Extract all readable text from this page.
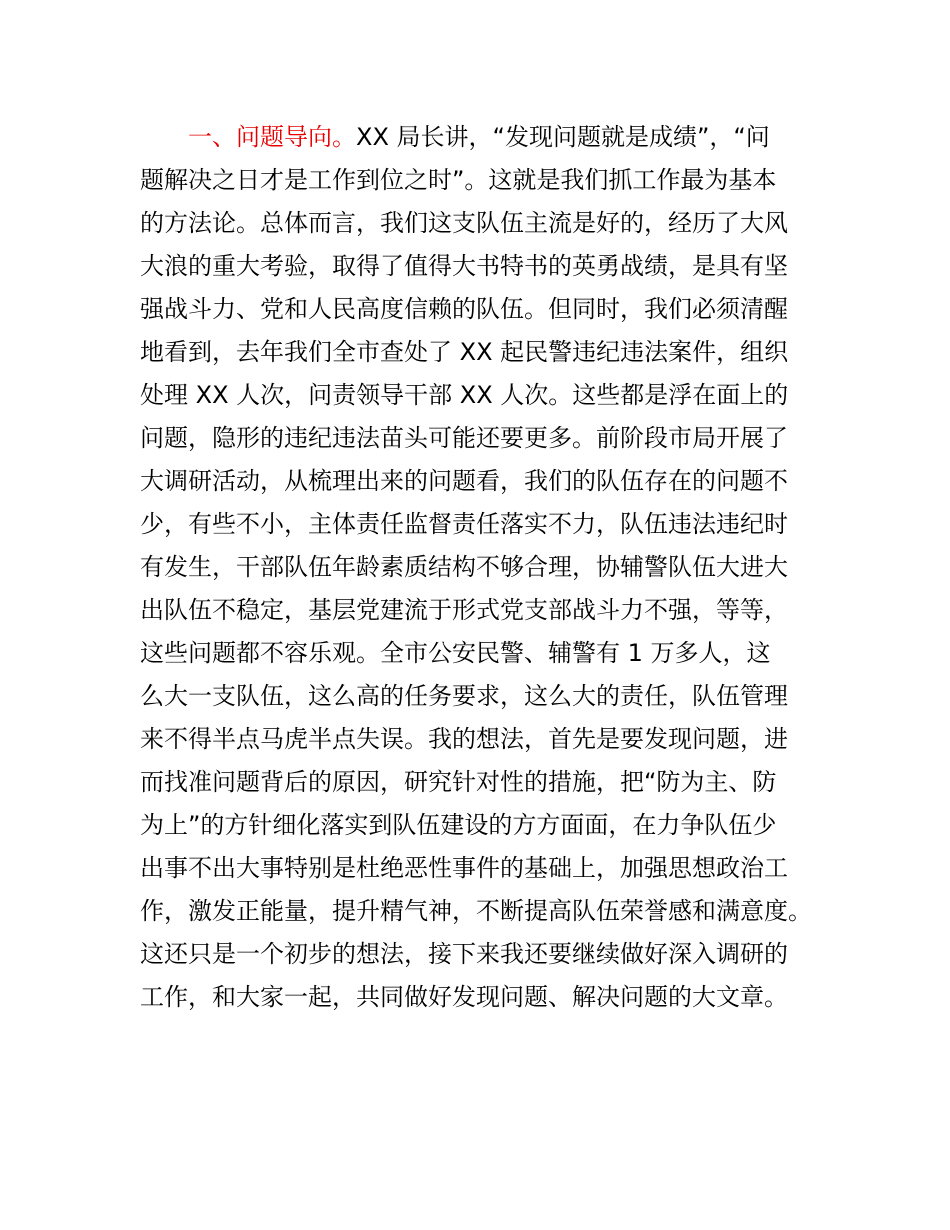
一、问题导向。XX 局长讲，“发现问题就是成绩”，“问
题解决之日才是工作到位之时”。这就是我们抓工作最为基本
的方法论。总体而言，我们这支队伍主流是好的，经历了大风
大浪的重大考验，取得了值得大书特书的英勇战绩，是具有坚
强战斗力、党和人民高度信赖的队伍。但同时，我们必须清醒
地看到，去年我们全市查处了 XX 起民警违纪违法案件，组织
处理 XX 人次，问责领导干部 XX 人次。这些都是浮在面上的
问题，隐形的违纪违法苗头可能还要更多。前阶段市局开展了
大调研活动，从梳理出来的问题看，我们的队伍存在的问题不
少，有些不小，主体责任监督责任落实不力，队伍违法违纪时
有发生，干部队伍年龄素质结构不够合理，协辅警队伍大进大
出队伍不稳定，基层党建流于形式党支部战斗力不强，等等，
这些问题都不容乐观。全市公安民警、辅警有 1 万多人，这
么大一支队伍，这么高的任务要求，这么大的责任，队伍管理
来不得半点马虎半点失误。我的想法，首先是要发现问题，进
而找准问题背后的原因，研究针对性的措施，把“防为主、防
为上”的方针细化落实到队伍建设的方方面面，在力争队伍少
出事不出大事特别是杜绝恶性事件的基础上，加强思想政治工
作，激发正能量，提升精气神，不断提高队伍荣誉感和满意度。
这还只是一个初步的想法，接下来我还要继续做好深入调研的
工作，和大家一起，共同做好发现问题、解决问题的大文章。
